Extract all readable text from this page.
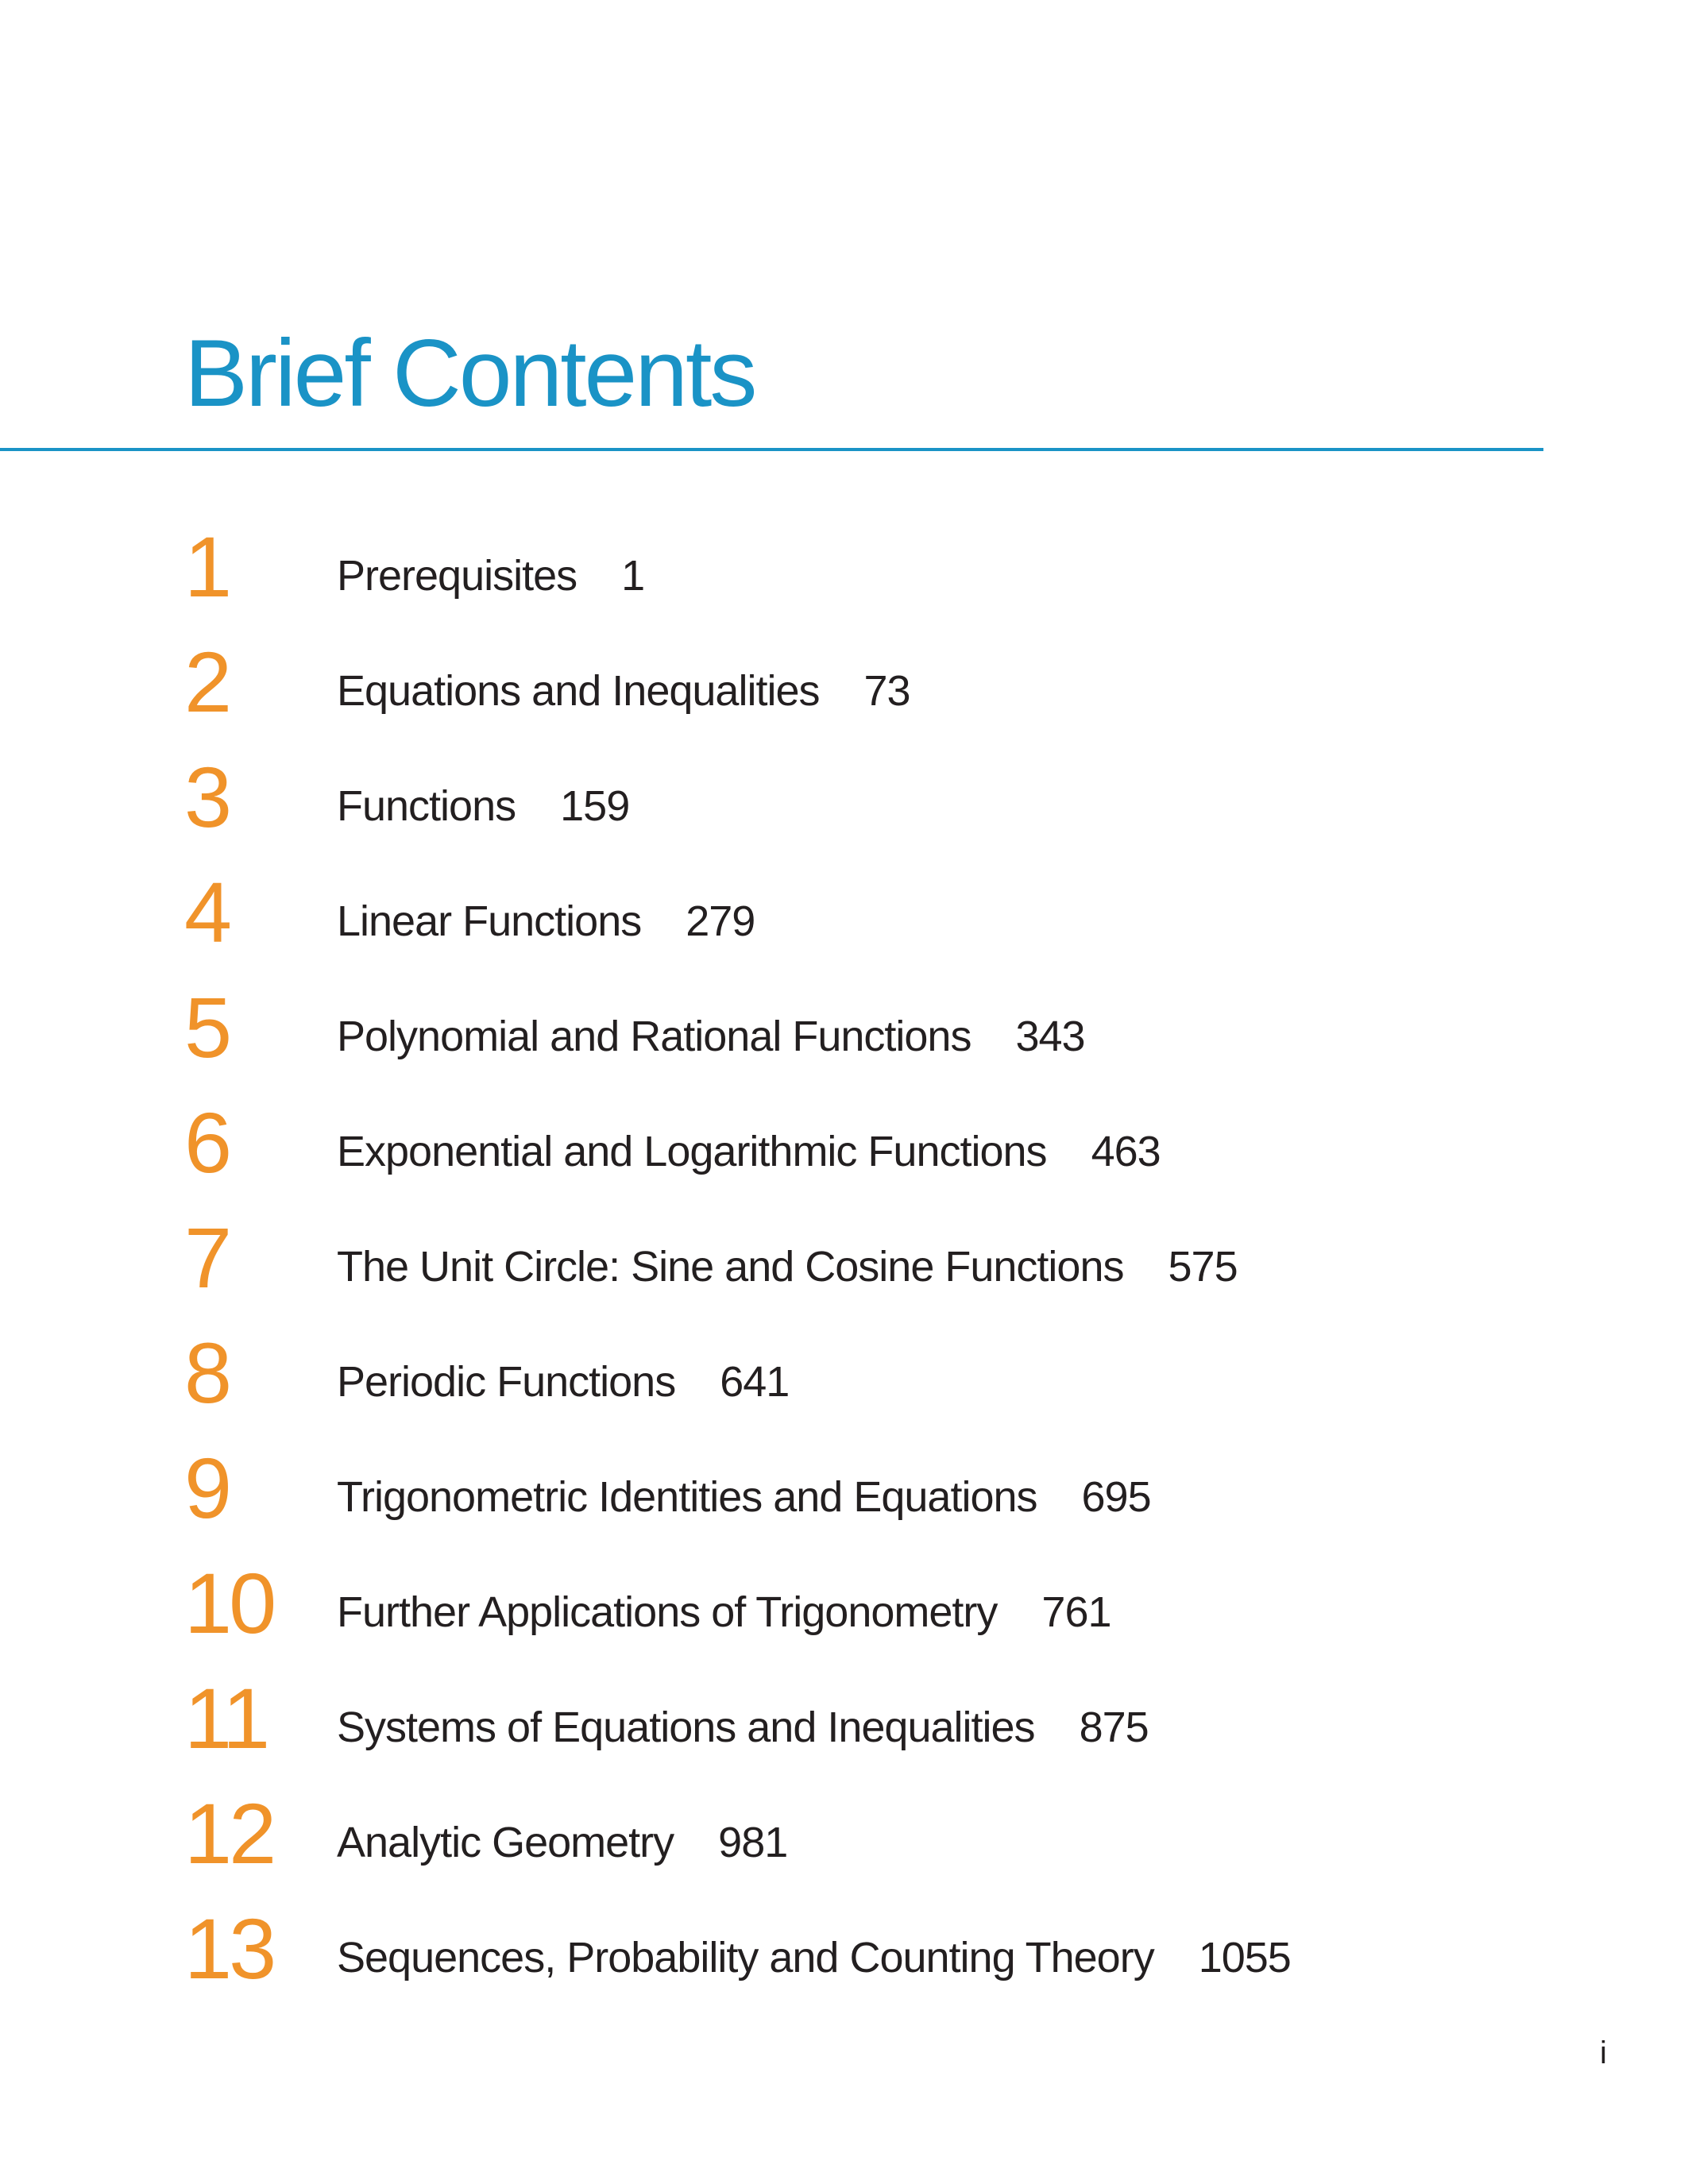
Brief Contents
1	Prerequisites 1
2	Equations and Inequalities 73
3	Functions 159
4	Linear Functions 279
5	Polynomial and Rational Functions 343
6	Exponential and Logarithmic Functions 463
7	The Unit Circle: Sine and Cosine Functions 575
8	Periodic Functions 641
9	Trigonometric Identities and Equations 695
10 Further Applications of Trigonometry 761
11 Systems of Equations and Inequalities 875
12 Analytic Geometry 981
13 Sequences, Probability and Counting Theory 1055
i
